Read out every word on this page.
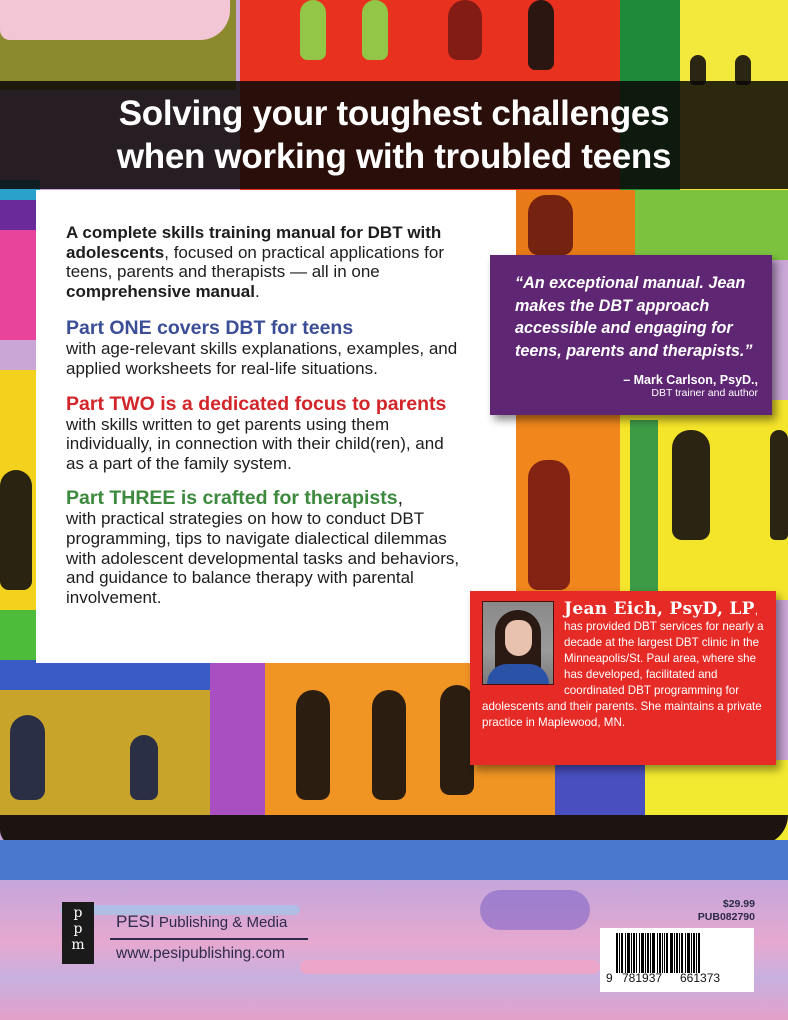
Solving your toughest challenges
when working with troubled teens

A complete skills training manual for DBT with adolescents, focused on practical applications for teens, parents and therapists — all in one comprehensive manual.

Part ONE covers DBT for teens

with age-relevant skills explanations, examples, and applied worksheets for real-life situations.

Part TWO is a dedicated focus to parents

with skills written to get parents using them individually, in connection with their child(ren), and as a part of the family system.

Part THREE is crafted for therapists,

with practical strategies on how to conduct DBT programming, tips to navigate dialectical dilemmas with adolescent developmental tasks and behaviors, and guidance to balance therapy with parental involvement.

“An exceptional manual. Jean makes the DBT approach accessible and engaging for teens, parents and therapists.”
– Mark Carlson, PsyD.,
DBT trainer and author
Jean Eich, PsyD, LP, has provided DBT services for nearly a decade at the largest DBT clinic in the Minneapolis/St. Paul area, where she has developed, facilitated and coordinated DBT programming for adolescents and their parents. She maintains a private practice in Maplewood, MN.
ppm PESI Publishing & Media
www.pesipublishing.com
$29.99
PUB082790
9 781937	661373
